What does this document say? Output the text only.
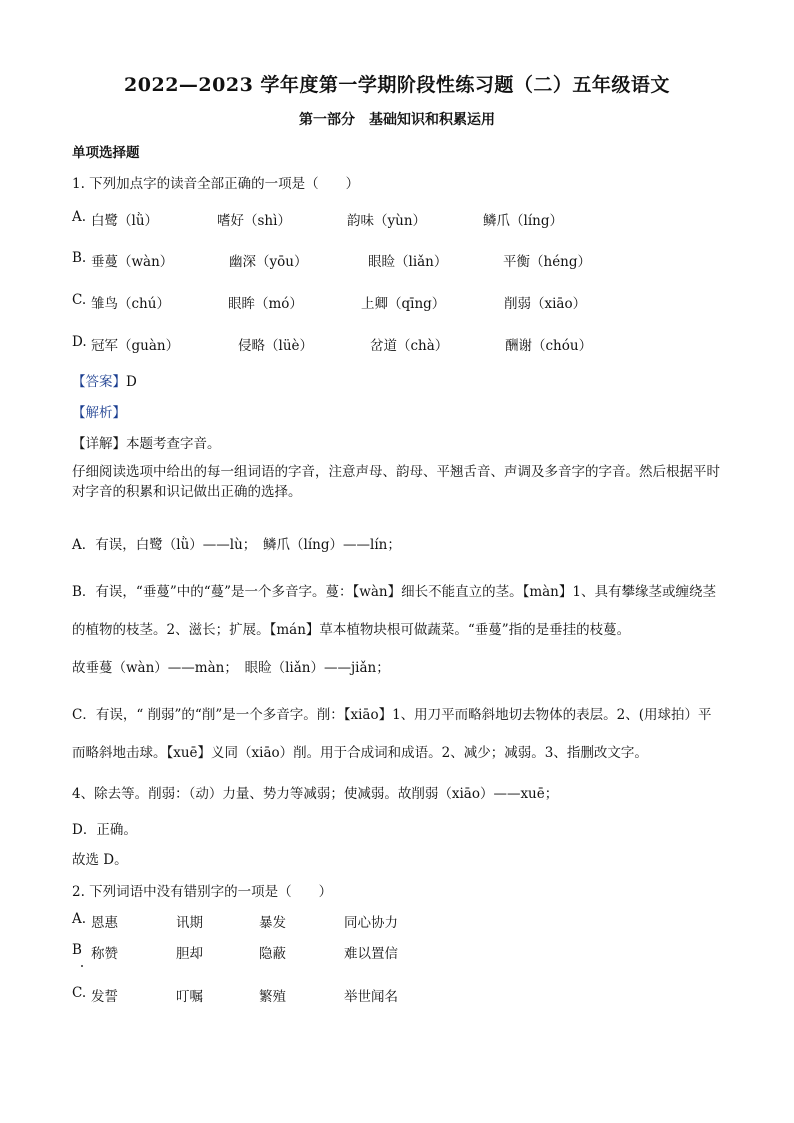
2022—2023 学年度第一学期阶段性练习题（二）五年级语文
第一部分　基础知识和积累运用
单项选择题
1. 下列加点字的读音全部正确的一项是（　　）
A. 白鹭（lǜ）	嗜好（shì）	韵味（yùn）	鳞爪（líng）
B. 垂蔓（wàn）	幽深（yōu）	眼睑（liǎn）	平衡（héng）
C. 雏鸟（chú）	眼眸（mó）	上卿（qīng）	削弱（xiāo）
D. 冠军（guàn）	侵略（lüè）	岔道（chà）	酬谢（chóu）
【答案】D
【解析】
【详解】本题考查字音。
仔细阅读选项中给出的每一组词语的字音，注意声母、韵母、平翘舌音、声调及多音字的字音。然后根据平时对字音的积累和识记做出正确的选择。
A．有误，白鹭（lǜ）——lù；　鳞爪（líng）——lín；
B．有误，“垂蔓”中的“蔓”是一个多音字。蔓：【wàn】细长不能直立的茎。【màn】1、具有攀缘茎或缠绕茎的植物的枝茎。2、滋长；扩展。【mán】草本植物块根可做蔬菜。“垂蔓”指的是垂挂的枝蔓。
故垂蔓（wàn）——màn；　眼睑（liǎn）——jiǎn；
C．有误，“ 削弱”的“削”是一个多音字。削：【xiāo】1、用刀平而略斜地切去物体的表层。2、(用球拍）平而略斜地击球。【xuē】义同（xiāo）削。用于合成词和成语。2、减少；减弱。3、指删改文字。
4、除去等。削弱：（动）力量、势力等减弱；使减弱。故削弱（xiāo）——xuē；
D．正确。
故选 D。
2. 下列词语中没有错别字的一项是（　　）
A. 恩惠	讯期	暴发	同心协力
B 称赞	胆却	隐蔽	难以置信
C. 发誓	叮嘱	繁殖	举世闻名
